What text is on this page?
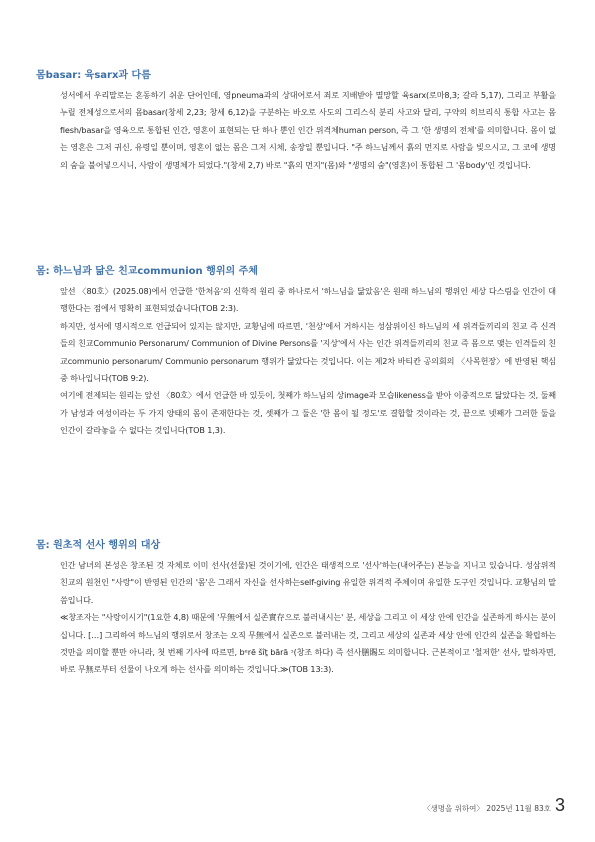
몸basar: 육sarx과 다름

성서에서 우리말로는 혼동하기 쉬운 단어인데, 영pneuma과의 상대어로서 죄로 지배받아 멸망할 육sarx(로마8,3; 갈라 5,17), 그리고 부활을 누릴 전체성으로서의 몸basar(창세 2,23; 창세 6,12)을 구분하는 바오로 사도의 그리스식 분리 사고와 달리, 구약의 히브리식 통합 사고는 몸flesh/basar을 영육으로 통합된 인간, 영혼이 표현되는 단 하나 뿐인 인간 위격체human person, 즉 그 '한 생명의 전체'를 의미합니다. 몸이 없는 영혼은 그저 귀신, 유령일 뿐이며, 영혼이 없는 몸은 그저 시체, 송장일 뿐입니다. "주 하느님께서 흙의 먼지로 사람을 빚으시고, 그 코에 생명의 숨을 불어넣으시니, 사람이 생명체가 되었다."(창세 2,7) 바로 "흙의 먼지"(몸)와 "생명의 숨"(영혼)이 통합된 그 '몸body'인 것입니다.

몸: 하느님과 닮은 친교communion 행위의 주체

앞선 〈80호〉(2025.08)에서 언급한 '한처음'의 신학적 원리 중 하나로서 '하느님을 닮았음'은 원래 하느님의 행위인 세상 다스림을 인간이 대행한다는 점에서 명확히 표현되었습니다(TOB 2:3).

하지만, 성서에 명시적으로 언급되어 있지는 않지만, 교황님에 따르면, '천상'에서 거하시는 성삼위이신 하느님의 세 위격들끼리의 친교 즉 신격들의 친교Communio Personarum/ Communion of Divine Persons를 '지상'에서 사는 인간 위격들끼리의 친교 즉 몸으로 맺는 인격들의 친교communio personarum/ Communio personarum 행위가 닮았다는 것입니다. 이는 제2차 바티칸 공의회의 〈사목헌장〉에 반영된 핵심 중 하나입니다(TOB 9:2).

여기에 전제되는 원리는 앞선 〈80호〉에서 언급한 바 있듯이, 첫째가 하느님의 상image과 모습likeness을 받아 이중적으로 닮았다는 것, 둘째가 남성과 여성이라는 두 가지 양태의 몸이 존재한다는 것, 셋째가 그 둘은 '한 몸이 될 정도'로 결합할 것이라는 것, 끝으로 넷째가 그러한 둘을 인간이 갈라놓을 수 없다는 것입니다(TOB 1,3).

몸: 원초적 선사 행위의 대상

인간 남녀의 본성은 창조된 것 자체로 이미 선사(선물)된 것이기에, 인간은 태생적으로 '선사'하는(내어주는) 본능을 지니고 있습니다. 성삼위적 친교의 원천인 "사랑"이 반영된 인간의 '몸'은 그래서 자신을 선사하는self-giving 유일한 위격적 주체이며 유일한 도구인 것입니다. 교황님의 말씀입니다.

≪창조자는 "사랑이시기"(1요한 4,8) 때문에 '무無에서 실존實存으로 불러내시는' 분, 세상을 그리고 이 세상 안에 인간을 실존하게 하시는 분이십니다. […] 그리하여 하느님의 행위로서 창조는 오직 무無에서 실존으로 불러내는 것, 그리고 세상의 실존과 세상 안에 인간의 실존을 확립하는 것만을 의미할 뿐만 아니라, 첫 번째 기사에 따르면, bᵉrē šîṯ bārā ᵓ(창조 하다) 즉 선사膳賜도 의미합니다. 근본적이고 '철저한' 선사, 말하자면, 바로 무無로부터 선물이 나오게 하는 선사를 의미하는 것입니다.≫(TOB 13:3).

〈생명을 위하여〉 2025년 11월 83호 3
